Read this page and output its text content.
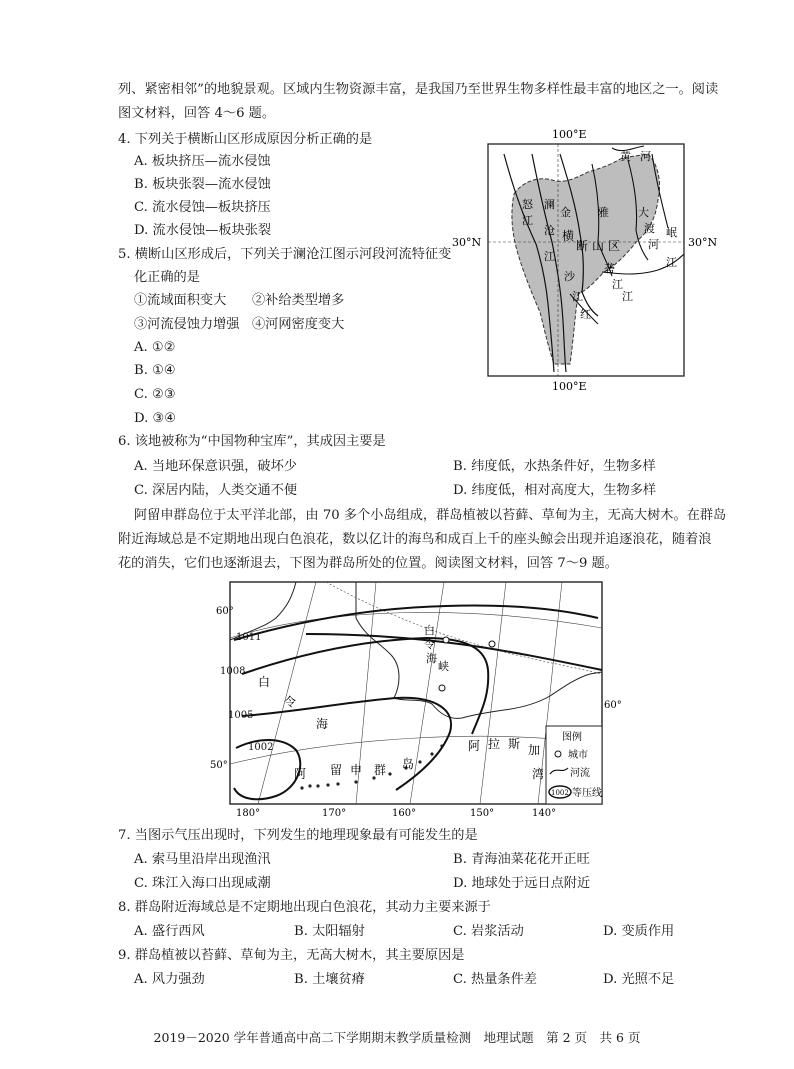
列、紧密相邻”的地貌景观。区域内生物资源丰富，是我国乃至世界生物多样性最丰富的地区之一。阅读
图文材料，回答 4～6 题。
4. 下列关于横断山区形成原因分析正确的是
A. 板块挤压—流水侵蚀
B. 板块张裂—流水侵蚀
C. 流水侵蚀—板块挤压
D. 流水侵蚀—板块张裂
5. 横断山区形成后，下列关于澜沧江图示河段河流特征变
化正确的是
①流域面积变大 ②补给类型增多
③河流侵蚀力增强 ④河网密度变大
A. ①②
B. ①④
C. ②③
D. ③④
100°E
30°N	30°N
100°E
怒
江
澜
沧
江
横
断 山 区
金
沙
江
雅
砻
江
大
渡
河
岷
江
黄 河
红
江
6. 该地被称为“中国物种宝库”，其成因主要是
A. 当地环保意识强，破坏少	B. 纬度低，水热条件好，生物多样
C. 深居内陆，人类交通不便	D. 纬度低，相对高度大，生物多样
阿留申群岛位于太平洋北部，由 70 多个小岛组成，群岛植被以苔藓、草甸为主，无高大树木。在群岛
附近海域总是不定期地出现白色浪花，数以亿计的海鸟和成百上千的座头鲸会出现并追逐浪花，随着浪
花的消失，它们也逐渐退去，下图为群岛所处的位置。阅读图文材料，回答 7～9 题。
60°
50°
60°
180°	170°	160°	150°	140°
1011
1008
1005
1002
白
令
海
阿 留 申 群 岛
阿 拉 斯 加
湾
白
令
海
峡
图例
城市
河流
1002 等压线
7. 当图示气压出现时，下列发生的地理现象最有可能发生的是
A. 索马里沿岸出现渔汛	B. 青海油菜花花开正旺
C. 珠江入海口出现咸潮	D. 地球处于远日点附近
8. 群岛附近海域总是不定期地出现白色浪花，其动力主要来源于
A. 盛行西风	B. 太阳辐射	C. 岩浆活动	D. 变质作用
9. 群岛植被以苔藓、草甸为主，无高大树木，其主要原因是
A. 风力强劲	B. 土壤贫瘠	C. 热量条件差	D. 光照不足
2019－2020 学年普通高中高二下学期期末教学质量检测　地理试题　第 2 页　共 6 页
